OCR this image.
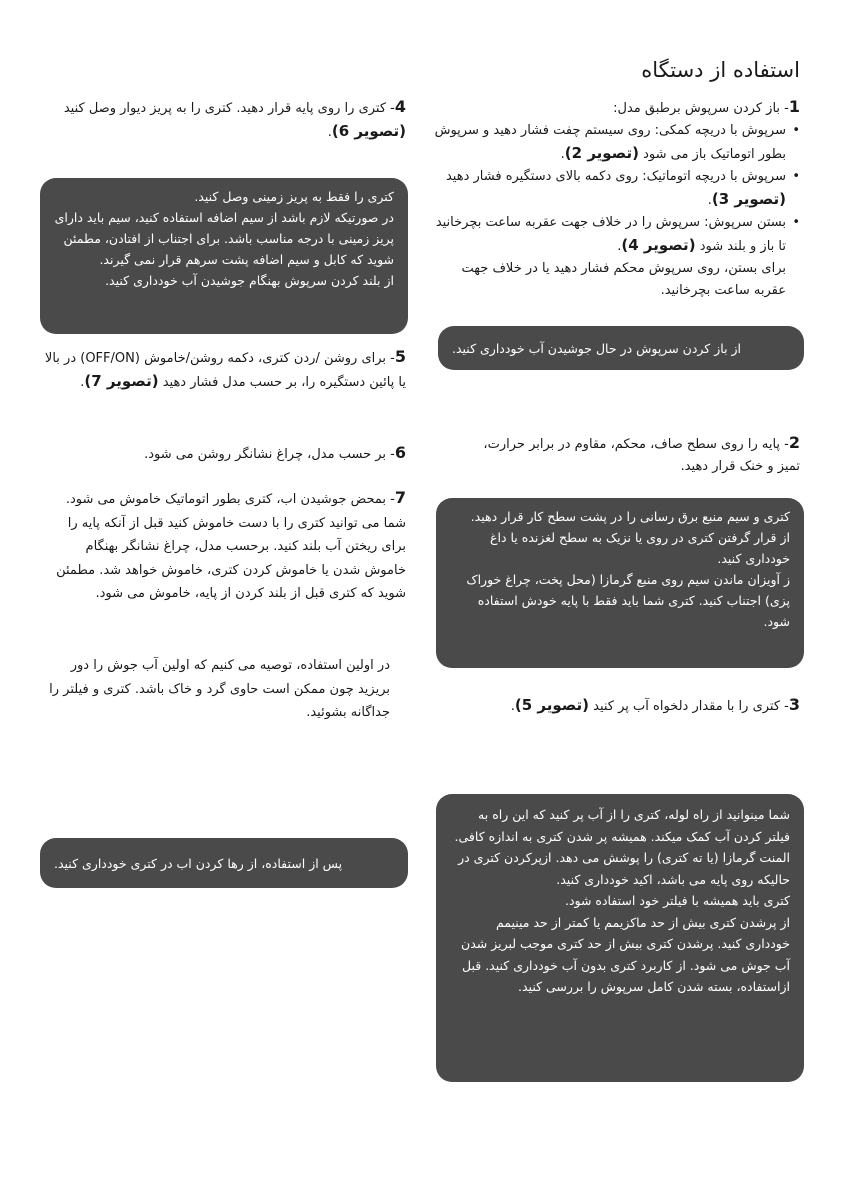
استفاده از دستگاه
1- باز کردن سرپوش برطبق مدل:
• سرپوش با دریچه کمکی: روی سیستم چفت فشار دهید و سرپوش بطور اتوماتیک باز می شود (تصویر 2).
• سرپوش با دریچه اتوماتیک: روی دکمه بالای دستگیره فشار دهید (تصویر 3).
• بستن سرپوش: سرپوش را در خلاف جهت عقربه ساعت بچرخانید تا باز و بلند شود (تصویر 4).
برای بستن، روی سرپوش محکم فشار دهید یا در خلاف جهت عقربه ساعت بچرخانید.

از باز کردن سرپوش در حال جوشیدن آب خودداری کنید.

2- پایه را روی سطح صاف، محکم، مقاوم در برابر حرارت، تمیز و خنک قرار دهید.

کتری و سیم منبع برق رسانی را در پشت سطح کار قرار دهید.

از قرار گرفتن کتری در روی یا نزیک به سطح لغزنده یا داغ خودداری کنید.

ز آویزان ماندن سیم روی منبع گرمازا (محل پخت، چراغ خوراک پزی) اجتناب کنید. کتری شما باید فقط با پایه خودش استفاده شود.

3- کتری را با مقدار دلخواه آب پر کنید (تصویر 5).

شما مینوانید از راه لوله، کتری را از آب پر کنید که این راه به فیلتر کردن آب کمک میکند. همیشه پر شدن کتری به اندازه کافی. المنت گرمازا (یا ته کتری) را پوشش می دهد. ازپرکردن کتری در حالیکه روی پایه می باشد، اکید خودداری کنید.

کتری باید همیشه با فیلتر خود استفاده شود.

از پرشدن کتری بیش از حد ماکزیمم یا کمتر از حد مینیمم خودداری کنید. پرشدن کتری بیش از حد کتری موجب لبریز شدن آب جوش می شود. از کاربرد کتری بدون آب خودداری کنید. قبل ازاستفاده، بسته شدن کامل سرپوش را بررسی کنید.

4- کتری را روی پایه قرار دهید. کتری را به پریز دیوار وصل کنید (تصویر 6).

کتری را فقط به پریز زمینی وصل کنید.

در صورتیکه لازم باشد از سیم اضافه استفاده کنید، سیم باید دارای پریز زمینی با درجه مناسب باشد. برای اجتناب از افتادن، مطمئن شوید که کابل و سیم اضافه پشت سرهم قرار نمی گیرند.

از بلند کردن سرپوش بهنگام جوشیدن آب خودداری کنید.

5- برای روشن /ردن کتری، دکمه روشن/خاموش (OFF/ON) در بالا یا پائین دستگیره را، بر حسب مدل فشار دهید (تصویر 7).
6- بر حسب مدل، چراغ نشانگر روشن می شود.
7- بمحض جوشیدن اب، کتری بطور اتوماتیک خاموش می شود. شما می توانید کتری را با دست خاموش کنید قبل از آنکه پایه را برای ریختن آب بلند کنید. برحسب مدل، چراغ نشانگر بهنگام خاموش شدن یا خاموش کردن کتری، خاموش خواهد شد. مطمئن شوید که کتری قبل از بلند کردن از پایه، خاموش می شود.
در اولین استفاده، توصیه می کنیم که اولین آب جوش را دور بریزید چون ممکن است حاوی گرد و خاک باشد. کتری و فیلتر را جداگانه بشوئید.

پس از استفاده، از رها کردن اب در کتری خودداری کنید.
